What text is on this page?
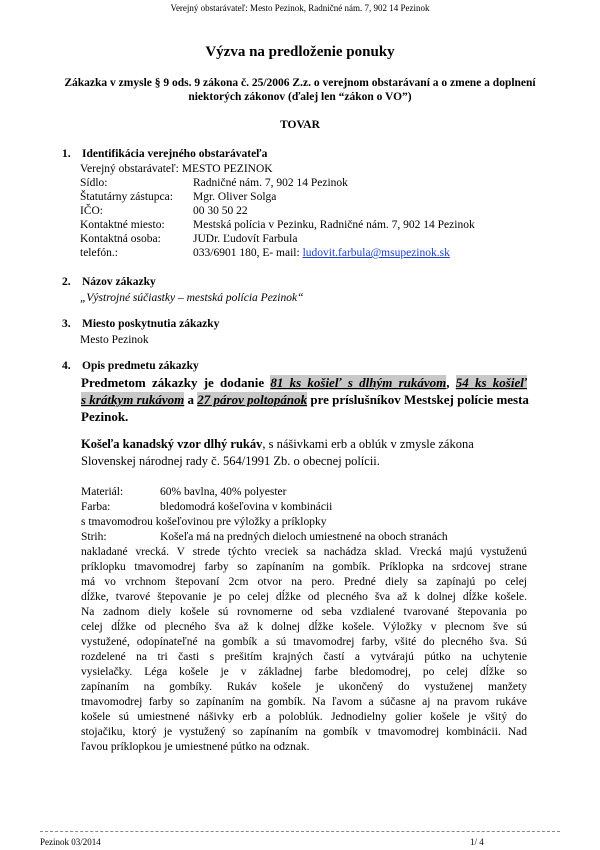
Verejný obstarávateľ: Mesto Pezinok, Radničné nám. 7, 902 14 Pezinok
Výzva na predloženie ponuky
Zákazka v zmysle § 9 ods. 9 zákona č. 25/2006 Z.z. o verejnom obstarávaní a o zmene a doplnení niektorých zákonov (ďalej len “zákon o VO”)
TOVAR
1. Identifikácia verejného obstarávateľa
Verejný obstarávateľ: MESTO PEZINOK
Sídlo:	Radničné nám. 7, 902 14 Pezinok
Štatutárny zástupca: Mgr. Oliver Solga
IČO:	00 30 50 22
Kontaktné miesto: Mestská polícia v Pezinku, Radničné nám. 7, 902 14 Pezinok
Kontaktná osoba:	JUDr. Ľudovít Farbula
telefón.:	033/6901 180, E- mail: ludovit.farbula@msupezinok.sk
2. Názov zákazky
„Výstrojné súčiastky – mestská polícia Pezinok“
3. Miesto poskytnutia zákazky
Mesto Pezinok
4. Opis predmetu zákazky
Predmetom zákazky je dodanie 81 ks košieľ s dlhým rukávom, 54 ks košieľ
s krátkym rukávom a 27 párov poltopánok pre príslušníkov Mestskej polície mesta
Pezinok.
Košeľa kanadský vzor dlhý rukáv, s nášivkami erb a oblúk v zmysle zákona
Slovenskej národnej rady č. 564/1991 Zb. o obecnej polícii.
Materiál:	60% bavlna, 40% polyester
Farba:	bledomodrá košeľovina v kombinácii
s tmavomodrou košeľovinou pre výložky a príklopky
Strih:	Košeľa má na predných dieloch umiestnené na oboch stranách
nakladané vrecká. V strede týchto vreciek sa nachádza sklad. Vrecká majú vystuženú
príklopku tmavomodrej farby so zapínaním na gombík. Príklopka na srdcovej strane
má vo vrchnom štepovaní 2cm otvor na pero. Predné diely sa zapínajú po celej
dĺžke, tvarové štepovanie je po celej dĺžke od plecného šva až k dolnej dĺžke košele.
Na zadnom diely košele sú rovnomerne od seba vzdialené tvarované štepovania po
celej dĺžke od plecného šva až k dolnej dĺžke košele. Výložky v plecnom šve sú
vystužené, odopínateľné na gombík a sú tmavomodrej farby, všité do plecného šva. Sú
rozdelené na tri časti s prešitím krajných častí a vytvárajú pútko na uchytenie
vysielačky. Léga košele je v základnej farbe bledomodrej, po celej dĺžke so
zapínaním na gombíky. Rukáv košele je ukončený do vystuženej manžety
tmavomodrej farby so zapínaním na gombík. Na ľavom a súčasne aj na pravom rukáve
košele sú umiestnené nášivky erb a poloblúk. Jednodielny golier košele je všitý do
stojačiku, ktorý je vystužený so zapínaním na gombík v tmavomodrej kombinácii. Nad
ľavou príklopkou je umiestnené pútko na odznak.
Pezinok 03/2014	1/ 4
